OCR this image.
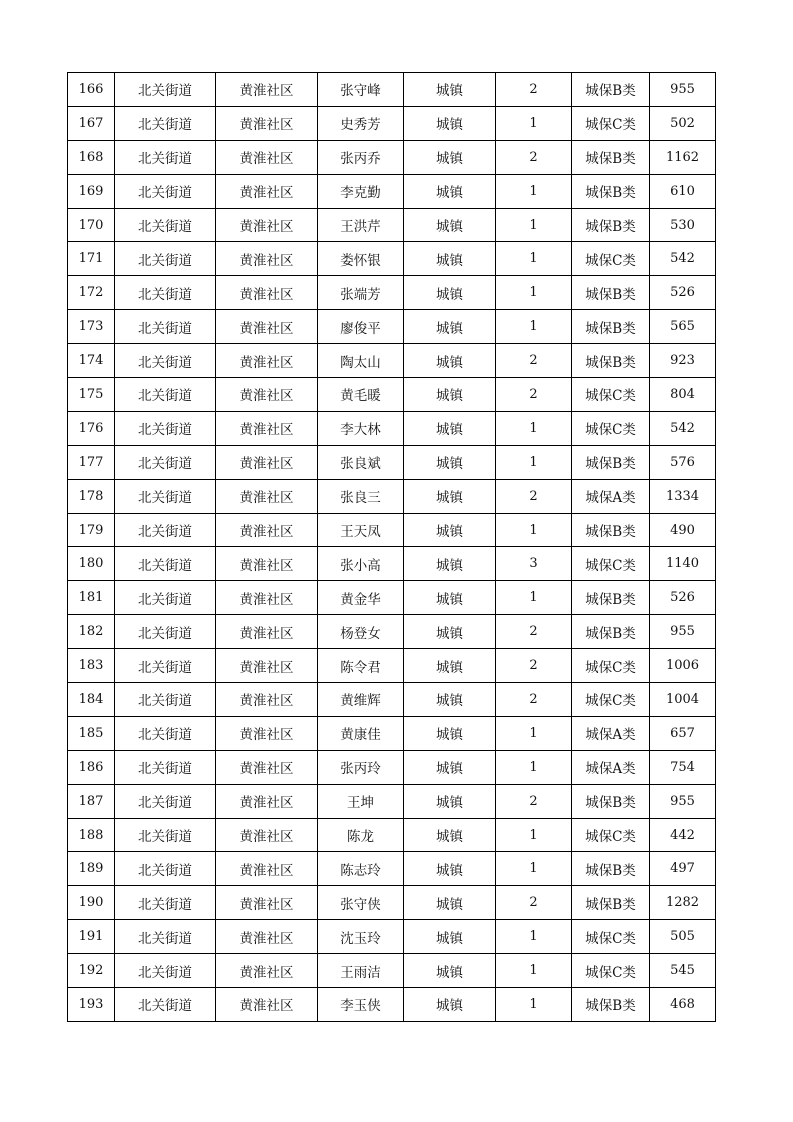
166	北关街道	黄淮社区	张守峰	城镇	2	城保B类	955
167	北关街道	黄淮社区	史秀芳	城镇	1	城保C类	502
168	北关街道	黄淮社区	张丙乔	城镇	2	城保B类	1162
169	北关街道	黄淮社区	李克勤	城镇	1	城保B类	610
170	北关街道	黄淮社区	王洪芹	城镇	1	城保B类	530
171	北关街道	黄淮社区	娄怀银	城镇	1	城保C类	542
172	北关街道	黄淮社区	张端芳	城镇	1	城保B类	526
173	北关街道	黄淮社区	廖俊平	城镇	1	城保B类	565
174	北关街道	黄淮社区	陶太山	城镇	2	城保B类	923
175	北关街道	黄淮社区	黄毛暖	城镇	2	城保C类	804
176	北关街道	黄淮社区	李大林	城镇	1	城保C类	542
177	北关街道	黄淮社区	张良斌	城镇	1	城保B类	576
178	北关街道	黄淮社区	张良三	城镇	2	城保A类	1334
179	北关街道	黄淮社区	王天凤	城镇	1	城保B类	490
180	北关街道	黄淮社区	张小高	城镇	3	城保C类	1140
181	北关街道	黄淮社区	黄金华	城镇	1	城保B类	526
182	北关街道	黄淮社区	杨登女	城镇	2	城保B类	955
183	北关街道	黄淮社区	陈令君	城镇	2	城保C类	1006
184	北关街道	黄淮社区	黄维辉	城镇	2	城保C类	1004
185	北关街道	黄淮社区	黄康佳	城镇	1	城保A类	657
186	北关街道	黄淮社区	张丙玲	城镇	1	城保A类	754
187	北关街道	黄淮社区	王坤	城镇	2	城保B类	955
188	北关街道	黄淮社区	陈龙	城镇	1	城保C类	442
189	北关街道	黄淮社区	陈志玲	城镇	1	城保B类	497
190	北关街道	黄淮社区	张守侠	城镇	2	城保B类	1282
191	北关街道	黄淮社区	沈玉玲	城镇	1	城保C类	505
192	北关街道	黄淮社区	王雨洁	城镇	1	城保C类	545
193	北关街道	黄淮社区	李玉侠	城镇	1	城保B类	468
